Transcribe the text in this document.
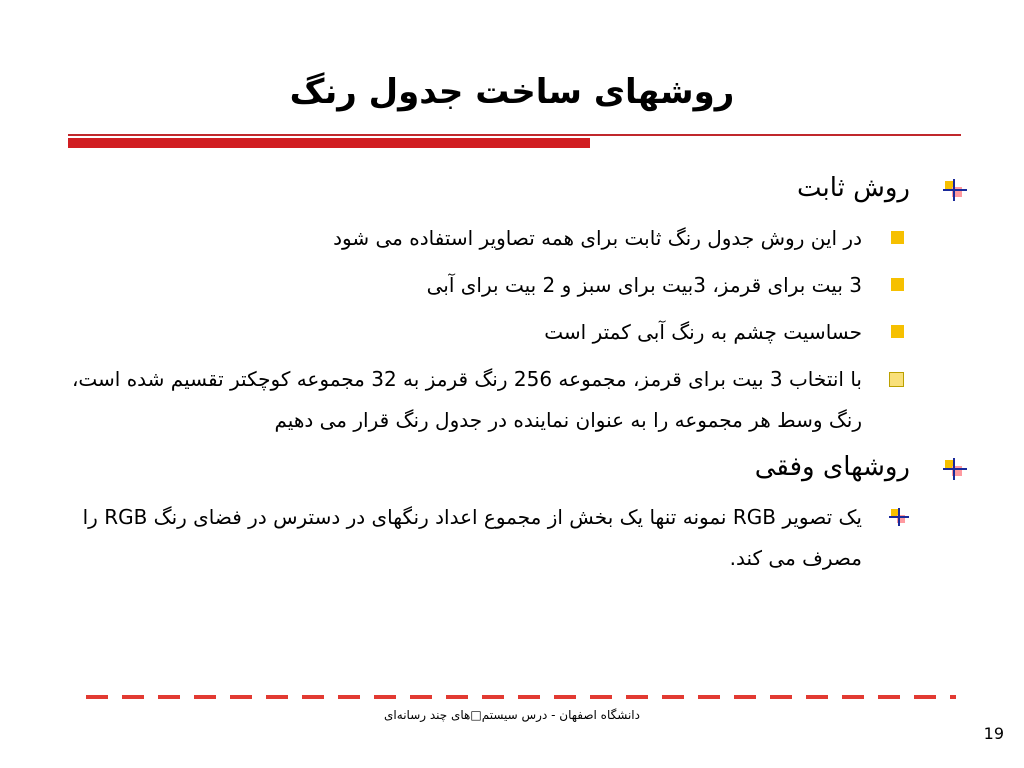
روشهای ساخت جدول رنگ
روش ثابت
در این روش جدول رنگ ثابت برای همه تصاویر استفاده می شود
3 بیت برای قرمز، 3بیت برای سبز و 2 بیت برای آبی
حساسیت چشم به رنگ آبی کمتر است
با انتخاب 3 بیت برای قرمز، مجموعه 256 رنگ قرمز به 32 مجموعه کوچکتر تقسیم شده است، رنگ وسط هر مجموعه را به عنوان نماینده در جدول رنگ قرار می دهیم
روشهای وفقی
یک تصویر RGB نمونه تنها یک بخش از مجموع اعداد رنگهای در دسترس در فضای رنگ RGB را مصرف می کند.
دانشگاه اصفهان - درس سیستم□های چند رسانه‌ای
19
